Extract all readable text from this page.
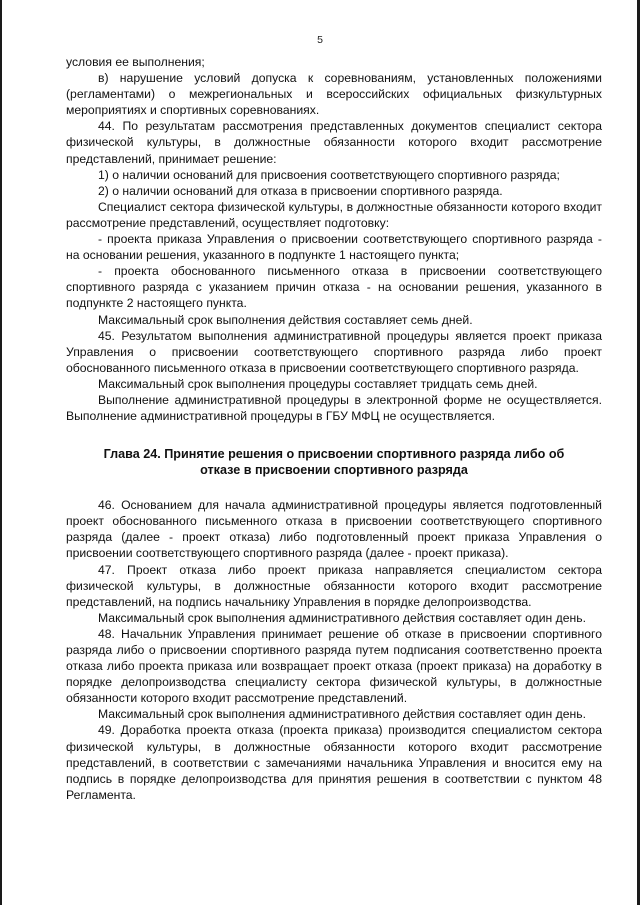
5

условия ее выполнения;

в) нарушение условий допуска к соревнованиям, установленных положениями (регламентами) о межрегиональных и всероссийских официальных физкультурных мероприятиях и спортивных соревнованиях.

44. По результатам рассмотрения представленных документов специалист сектора физической культуры, в должностные обязанности которого входит рассмотрение представлений, принимает решение:

1) о наличии оснований для присвоения соответствующего спортивного разряда;

2) о наличии оснований для отказа в присвоении спортивного разряда.

Специалист сектора физической культуры, в должностные обязанности которого входит рассмотрение представлений, осуществляет подготовку:

- проекта приказа Управления о присвоении соответствующего спортивного разряда - на основании решения, указанного в подпункте 1 настоящего пункта;

- проекта обоснованного письменного отказа в присвоении соответствующего спортивного разряда с указанием причин отказа - на основании решения, указанного в подпункте 2 настоящего пункта.

Максимальный срок выполнения действия составляет семь дней.

45. Результатом выполнения административной процедуры является проект приказа Управления о присвоении соответствующего спортивного разряда либо проект обоснованного письменного отказа в присвоении соответствующего спортивного разряда.

Максимальный срок выполнения процедуры составляет тридцать семь дней.

Выполнение административной процедуры в электронной форме не осуществляется. Выполнение административной процедуры в ГБУ МФЦ не осуществляется.

Глава 24. Принятие решения о присвоении спортивного разряда либо об
отказе в присвоении спортивного разряда

46. Основанием для начала административной процедуры является подготовленный проект обоснованного письменного отказа в присвоении соответствующего спортивного разряда (далее - проект отказа) либо подготовленный проект приказа Управления о присвоении соответствующего спортивного разряда (далее - проект приказа).

47. Проект отказа либо проект приказа направляется специалистом сектора физической культуры, в должностные обязанности которого входит рассмотрение представлений, на подпись начальнику Управления в порядке делопроизводства.

Максимальный срок выполнения административного действия составляет один день.

48. Начальник Управления принимает решение об отказе в присвоении спортивного разряда либо о присвоении спортивного разряда путем подписания соответственно проекта отказа либо проекта приказа или возвращает проект отказа (проект приказа) на доработку в порядке делопроизводства специалисту сектора физической культуры, в должностные обязанности которого входит рассмотрение представлений.

Максимальный срок выполнения административного действия составляет один день.

49. Доработка проекта отказа (проекта приказа) производится специалистом сектора физической культуры, в должностные обязанности которого входит рассмотрение представлений, в соответствии с замечаниями начальника Управления и вносится ему на подпись в порядке делопроизводства для принятия решения в соответствии с пунктом 48 Регламента.
